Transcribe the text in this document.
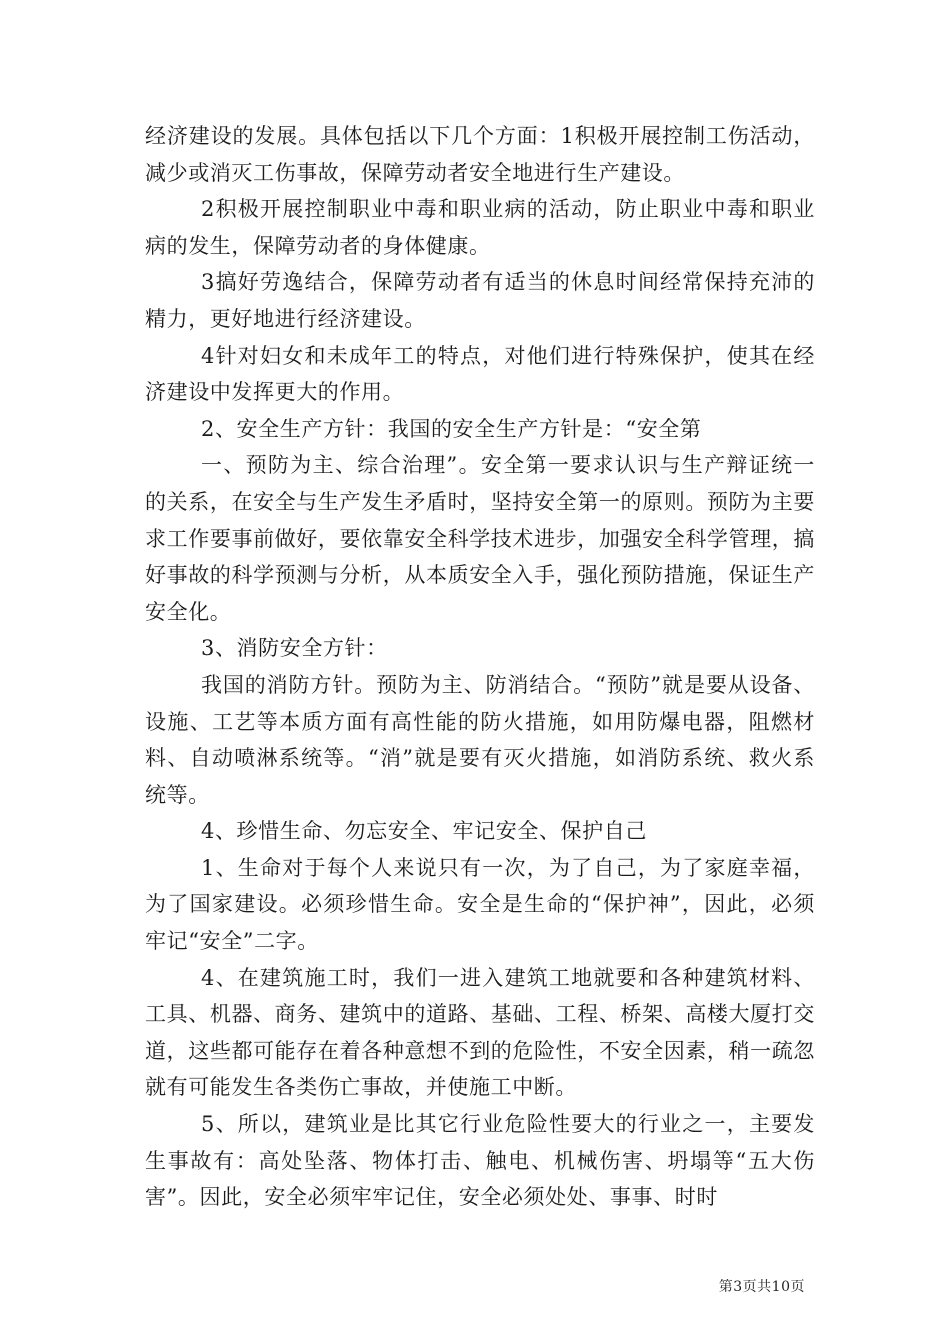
经济建设的发展。具体包括以下几个方面：1积极开展控制工伤活动，减少或消灭工伤事故，保障劳动者安全地进行生产建设。

2积极开展控制职业中毒和职业病的活动，防止职业中毒和职业病的发生，保障劳动者的身体健康。

3搞好劳逸结合，保障劳动者有适当的休息时间经常保持充沛的精力，更好地进行经济建设。

4针对妇女和未成年工的特点，对他们进行特殊保护，使其在经济建设中发挥更大的作用。

2、安全生产方针：我国的安全生产方针是：“安全第

一、预防为主、综合治理”。安全第一要求认识与生产辩证统一的关系，在安全与生产发生矛盾时，坚持安全第一的原则。预防为主要求工作要事前做好，要依靠安全科学技术进步，加强安全科学管理，搞好事故的科学预测与分析，从本质安全入手，强化预防措施，保证生产安全化。

3、消防安全方针：

我国的消防方针。预防为主、防消结合。“预防”就是要从设备、设施、工艺等本质方面有高性能的防火措施，如用防爆电器，阻燃材料、自动喷淋系统等。“消”就是要有灭火措施，如消防系统、救火系统等。

4、珍惜生命、勿忘安全、牢记安全、保护自己

1、生命对于每个人来说只有一次，为了自己，为了家庭幸福，为了国家建设。必须珍惜生命。安全是生命的“保护神”，因此，必须牢记“安全”二字。

4、在建筑施工时，我们一进入建筑工地就要和各种建筑材料、工具、机器、商务、建筑中的道路、基础、工程、桥架、高楼大厦打交道，这些都可能存在着各种意想不到的危险性，不安全因素，稍一疏忽就有可能发生各类伤亡事故，并使施工中断。

5、所以，建筑业是比其它行业危险性要大的行业之一，主要发生事故有：高处坠落、物体打击、触电、机械伤害、坍塌等“五大伤害”。因此，安全必须牢牢记住，安全必须处处、事事、时时

第3页共10页
